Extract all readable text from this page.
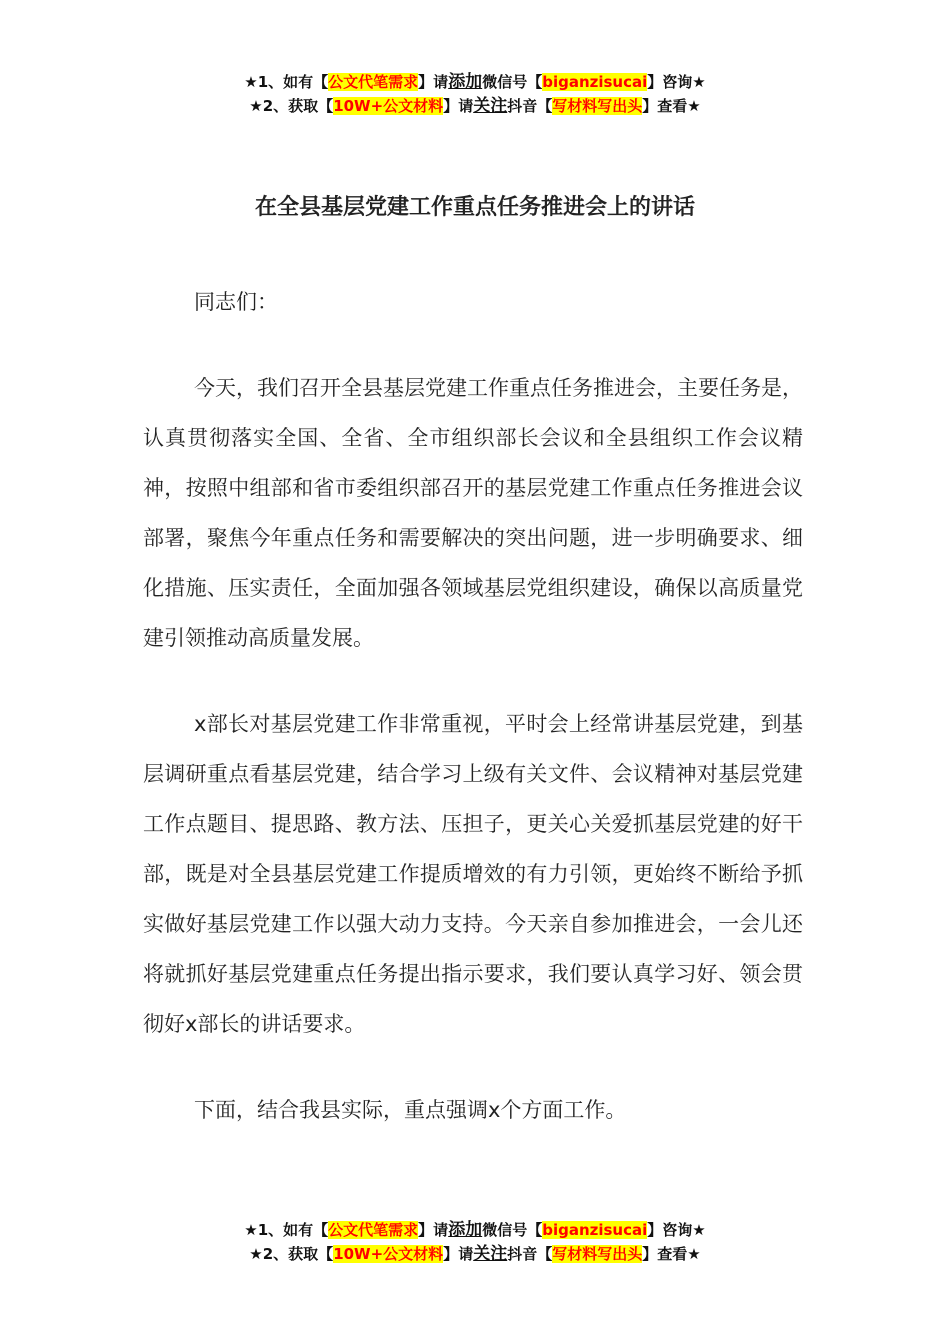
★1、如有【公文代笔需求】请添加微信号【biganzisucai】咨询★
★2、获取【10W+公文材料】请关注抖音【写材料写出头】查看★
在全县基层党建工作重点任务推进会上的讲话

同志们：

今天，我们召开全县基层党建工作重点任务推进会，主要任务是，认真贯彻落实全国、全省、全市组织部长会议和全县组织工作会议精神，按照中组部和省市委组织部召开的基层党建工作重点任务推进会议部署，聚焦今年重点任务和需要解决的突出问题，进一步明确要求、细化措施、压实责任，全面加强各领域基层党组织建设，确保以高质量党建引领推动高质量发展。

x部长对基层党建工作非常重视，平时会上经常讲基层党建，到基层调研重点看基层党建，结合学习上级有关文件、会议精神对基层党建工作点题目、提思路、教方法、压担子，更关心关爱抓基层党建的好干部，既是对全县基层党建工作提质增效的有力引领，更始终不断给予抓实做好基层党建工作以强大动力支持。今天亲自参加推进会，一会儿还将就抓好基层党建重点任务提出指示要求，我们要认真学习好、领会贯彻好x部长的讲话要求。

下面，结合我县实际，重点强调x个方面工作。

★1、如有【公文代笔需求】请添加微信号【biganzisucai】咨询★
★2、获取【10W+公文材料】请关注抖音【写材料写出头】查看★
